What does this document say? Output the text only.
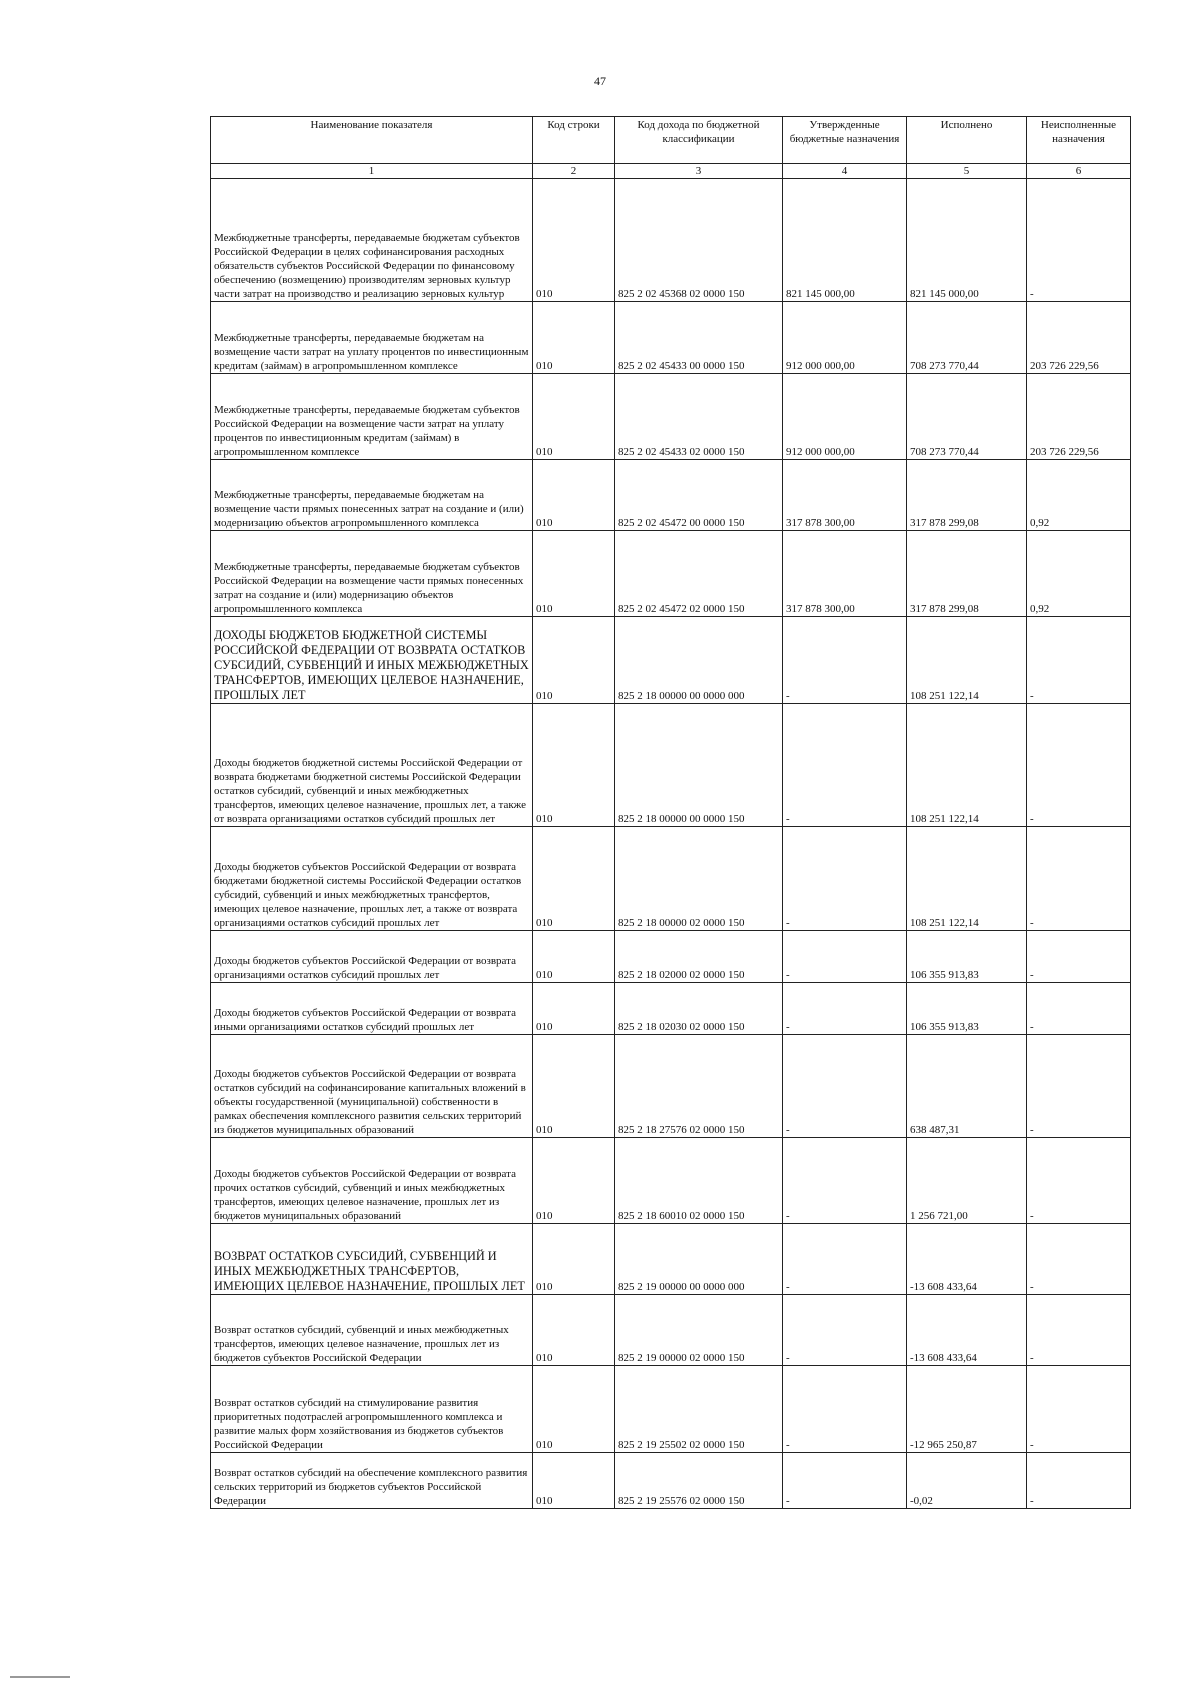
47
Наименование показателя	Код строки	Код дохода по бюджетной классификации	Утвержденные бюджетные назначения	Исполнено	Неисполненные назначения
1	2	3	4	5	6
Межбюджетные трансферты, передаваемые бюджетам субъектов Российской Федерации в целях софинансирования расходных обязательств субъектов Российской Федерации по финансовому обеспечению (возмещению) производителям зерновых культур части затрат на производство и реализацию зерновых культур	010	825 2 02 45368 02 0000 150	821 145 000,00	821 145 000,00	-
Межбюджетные трансферты, передаваемые бюджетам на возмещение части затрат на уплату процентов по инвестиционным кредитам (займам) в агропромышленном комплексе	010	825 2 02 45433 00 0000 150	912 000 000,00	708 273 770,44	203 726 229,56
Межбюджетные трансферты, передаваемые бюджетам субъектов Российской Федерации на возмещение части затрат на уплату процентов по инвестиционным кредитам (займам) в агропромышленном комплексе	010	825 2 02 45433 02 0000 150	912 000 000,00	708 273 770,44	203 726 229,56
Межбюджетные трансферты, передаваемые бюджетам на возмещение части прямых понесенных затрат на создание и (или) модернизацию объектов агропромышленного комплекса	010	825 2 02 45472 00 0000 150	317 878 300,00	317 878 299,08	0,92
Межбюджетные трансферты, передаваемые бюджетам субъектов Российской Федерации на возмещение части прямых понесенных затрат на создание и (или) модернизацию объектов агропромышленного комплекса	010	825 2 02 45472 02 0000 150	317 878 300,00	317 878 299,08	0,92
ДОХОДЫ БЮДЖЕТОВ БЮДЖЕТНОЙ СИСТЕМЫ РОССИЙСКОЙ ФЕДЕРАЦИИ ОТ ВОЗВРАТА ОСТАТКОВ СУБСИДИЙ, СУБВЕНЦИЙ И ИНЫХ МЕЖБЮДЖЕТНЫХ ТРАНСФЕРТОВ, ИМЕЮЩИХ ЦЕЛЕВОЕ НАЗНАЧЕНИЕ, ПРОШЛЫХ ЛЕТ	010	825 2 18 00000 00 0000 000	-	108 251 122,14	-
Доходы бюджетов бюджетной системы Российской Федерации от возврата бюджетами бюджетной системы Российской Федерации остатков субсидий, субвенций и иных межбюджетных трансфертов, имеющих целевое назначение, прошлых лет, а также от возврата организациями остатков субсидий прошлых лет	010	825 2 18 00000 00 0000 150	-	108 251 122,14	-
Доходы бюджетов субъектов Российской Федерации от возврата бюджетами бюджетной системы Российской Федерации остатков субсидий, субвенций и иных межбюджетных трансфертов, имеющих целевое назначение, прошлых лет, а также от возврата организациями остатков субсидий прошлых лет	010	825 2 18 00000 02 0000 150	-	108 251 122,14	-
Доходы бюджетов субъектов Российской Федерации от возврата организациями остатков субсидий прошлых лет	010	825 2 18 02000 02 0000 150	-	106 355 913,83	-
Доходы бюджетов субъектов Российской Федерации от возврата иными организациями остатков субсидий прошлых лет	010	825 2 18 02030 02 0000 150	-	106 355 913,83	-
Доходы бюджетов субъектов Российской Федерации от возврата остатков субсидий на софинансирование капитальных вложений в объекты государственной (муниципальной) собственности в рамках обеспечения комплексного развития сельских территорий из бюджетов муниципальных образований	010	825 2 18 27576 02 0000 150	-	638 487,31	-
Доходы бюджетов субъектов Российской Федерации от возврата прочих остатков субсидий, субвенций и иных межбюджетных трансфертов, имеющих целевое назначение, прошлых лет из бюджетов муниципальных образований	010	825 2 18 60010 02 0000 150	-	1 256 721,00	-
ВОЗВРАТ ОСТАТКОВ СУБСИДИЙ, СУБВЕНЦИЙ И ИНЫХ МЕЖБЮДЖЕТНЫХ ТРАНСФЕРТОВ, ИМЕЮЩИХ ЦЕЛЕВОЕ НАЗНАЧЕНИЕ, ПРОШЛЫХ ЛЕТ	010	825 2 19 00000 00 0000 000	-	-13 608 433,64	-
Возврат остатков субсидий, субвенций и иных межбюджетных трансфертов, имеющих целевое назначение, прошлых лет из бюджетов субъектов Российской Федерации	010	825 2 19 00000 02 0000 150	-	-13 608 433,64	-
Возврат остатков субсидий на стимулирование развития приоритетных подотраслей агропромышленного комплекса и развитие малых форм хозяйствования из бюджетов субъектов Российской Федерации	010	825 2 19 25502 02 0000 150	-	-12 965 250,87	-
Возврат остатков субсидий на обеспечение комплексного развития сельских территорий из бюджетов субъектов Российской Федерации	010	825 2 19 25576 02 0000 150	-	-0,02	-
